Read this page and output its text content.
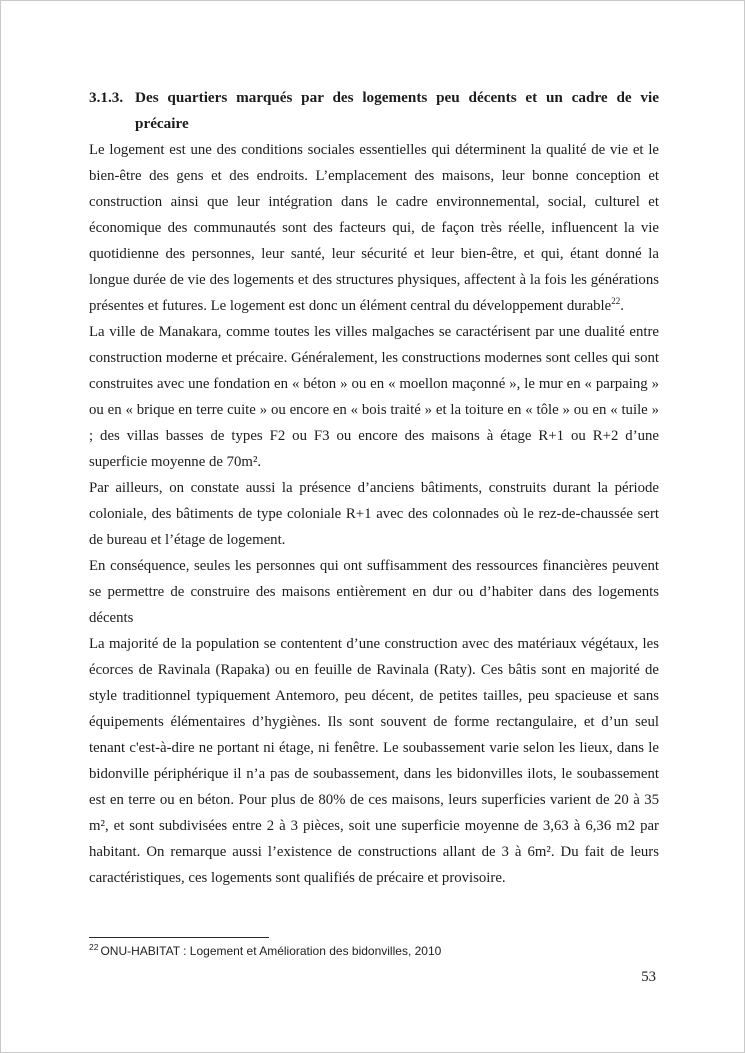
3.1.3. Des quartiers marqués par des logements peu décents et un cadre de vie
précaire

Le logement est une des conditions sociales essentielles qui déterminent la qualité de vie et le bien-être des gens et des endroits. L’emplacement des maisons, leur bonne conception et construction ainsi que leur intégration dans le cadre environnemental, social, culturel et économique des communautés sont des facteurs qui, de façon très réelle, influencent la vie quotidienne des personnes, leur santé, leur sécurité et leur bien-être, et qui, étant donné la longue durée de vie des logements et des structures physiques, affectent à la fois les générations présentes et futures. Le logement est donc un élément central du développement durable$^{22}$.

La ville de Manakara, comme toutes les villes malgaches se caractérisent par une dualité entre construction moderne et précaire. Généralement, les constructions modernes sont celles qui sont construites avec une fondation en « béton » ou en « moellon maçonné », le mur en « parpaing » ou en « brique en terre cuite » ou encore en « bois traité » et la toiture en « tôle » ou en « tuile » ; des villas basses de types F2 ou F3 ou encore des maisons à étage R+1 ou R+2 d’une superficie moyenne de 70m².

Par ailleurs, on constate aussi la présence d’anciens bâtiments, construits durant la période coloniale, des bâtiments de type coloniale R+1 avec des colonnades où le rez-de-chaussée sert de bureau et l’étage de logement.

En conséquence, seules les personnes qui ont suffisamment des ressources financières peuvent se permettre de construire des maisons entièrement en dur ou d’habiter dans des logements décents

La majorité de la population se contentent d’une construction avec des matériaux végétaux, les écorces de Ravinala (Rapaka) ou en feuille de Ravinala (Raty). Ces bâtis sont en majorité de style traditionnel typiquement Antemoro, peu décent, de petites tailles, peu spacieuse et sans équipements élémentaires d’hygiènes. Ils sont souvent de forme rectangulaire, et d’un seul tenant c'est-à-dire ne portant ni étage, ni fenêtre. Le soubassement varie selon les lieux, dans le bidonville périphérique il n’a pas de soubassement, dans les bidonvilles ilots, le soubassement est en terre ou en béton. Pour plus de 80% de ces maisons, leurs superficies varient de 20 à 35 m², et sont subdivisées entre 2 à 3 pièces, soit une superficie moyenne de 3,63 à 6,36 m2 par habitant. On remarque aussi l’existence de constructions allant de 3 à 6m². Du fait de leurs caractéristiques, ces logements sont qualifiés de précaire et provisoire.

$^{22}$ ONU-HABITAT : Logement et Amélioration des bidonvilles, 2010
53
